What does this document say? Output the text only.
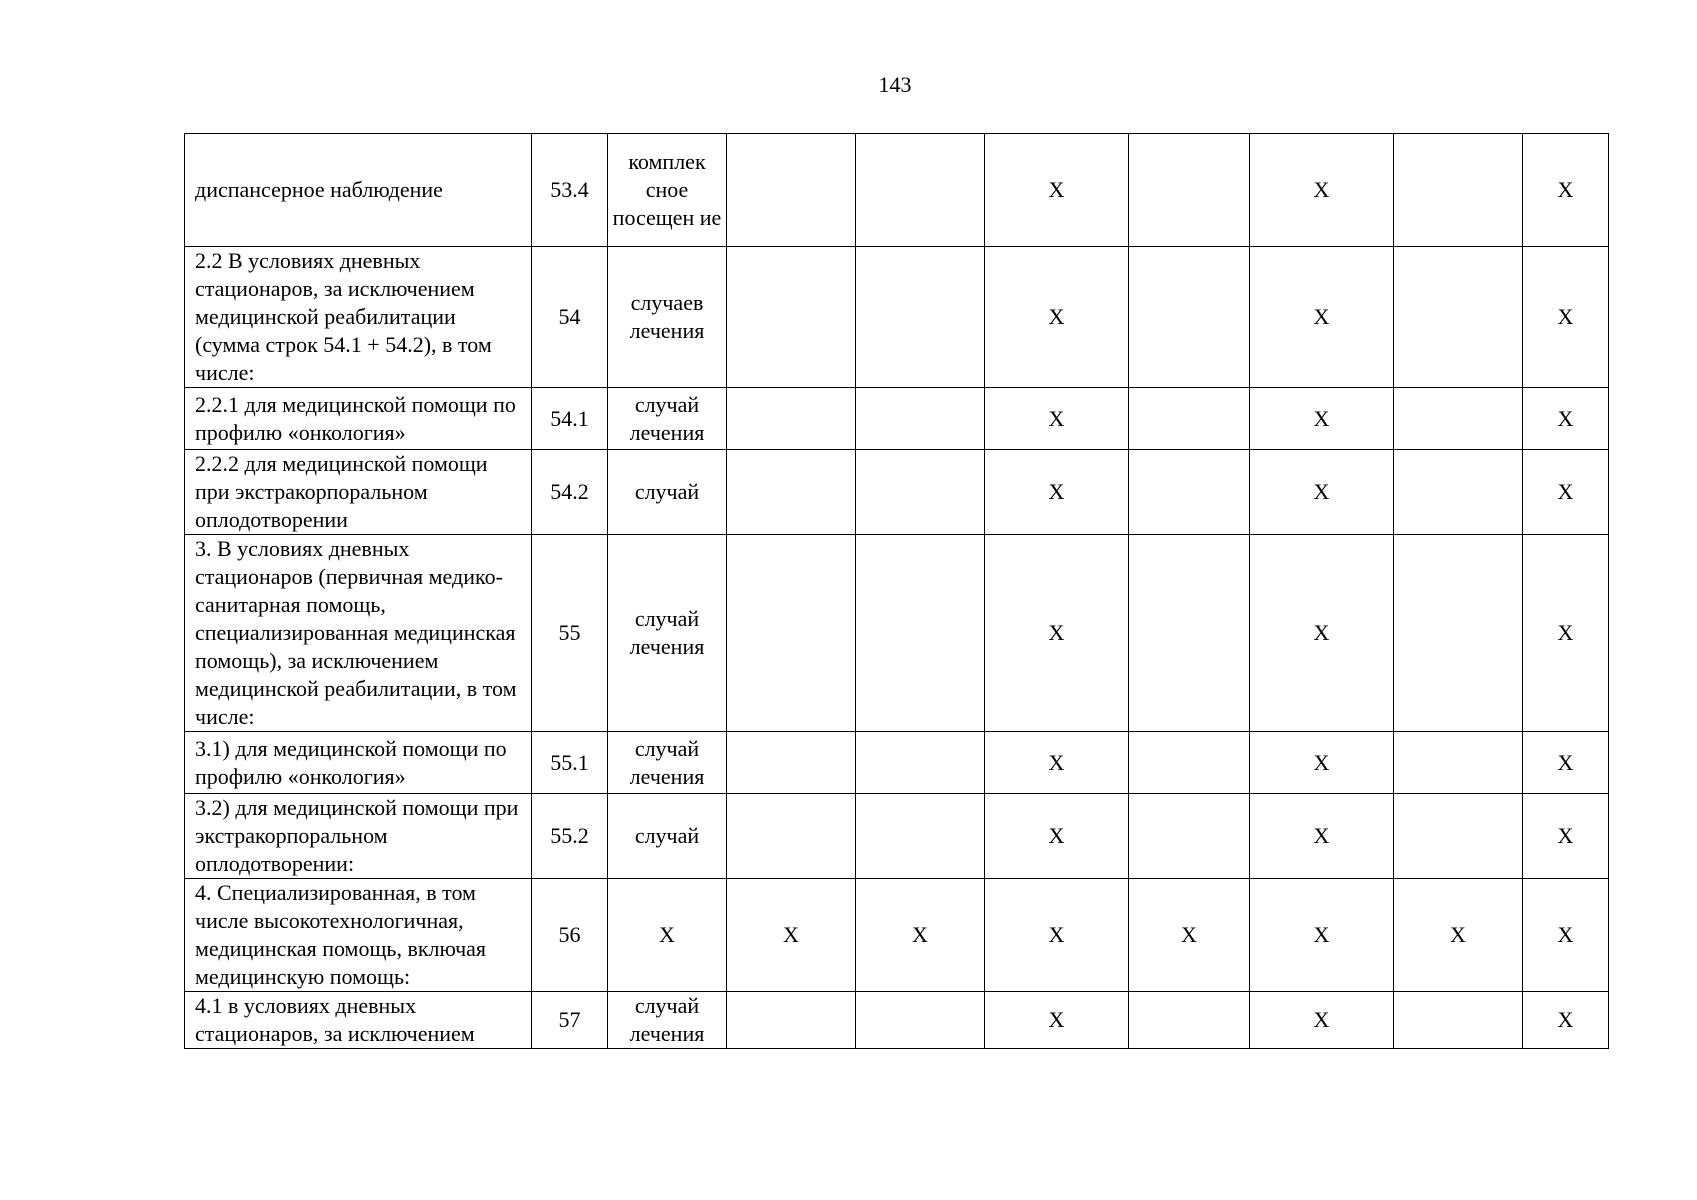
143
диспансерное наблюдение	53.4	комплек сное посещен ие			X		X		X
2.2 В условиях дневных стационаров, за исключением медицинской реабилитации (сумма строк 54.1 + 54.2), в том числе:	54	случаев лечения			X		X		X
2.2.1 для медицинской помощи по профилю «онкология»	54.1	случай лечения			X		X		X
2.2.2 для медицинской помощи при экстракорпоральном оплодотворении	54.2	случай			X		X		X
3. В условиях дневных стационаров (первичная медико-санитарная помощь, специализированная медицинская помощь), за исключением медицинской реабилитации, в том числе:	55	случай лечения			X		X		X
3.1) для медицинской помощи по профилю «онкология»	55.1	случай лечения			X		X		X
3.2) для медицинской помощи при экстракорпоральном оплодотворении:	55.2	случай			X		X		X
4. Специализированная, в том числе высокотехнологичная, медицинская помощь, включая медицинскую помощь:	56	X	X	X	X	X	X	X	X
4.1 в условиях дневных стационаров, за исключением	57	случай лечения			X		X		X
